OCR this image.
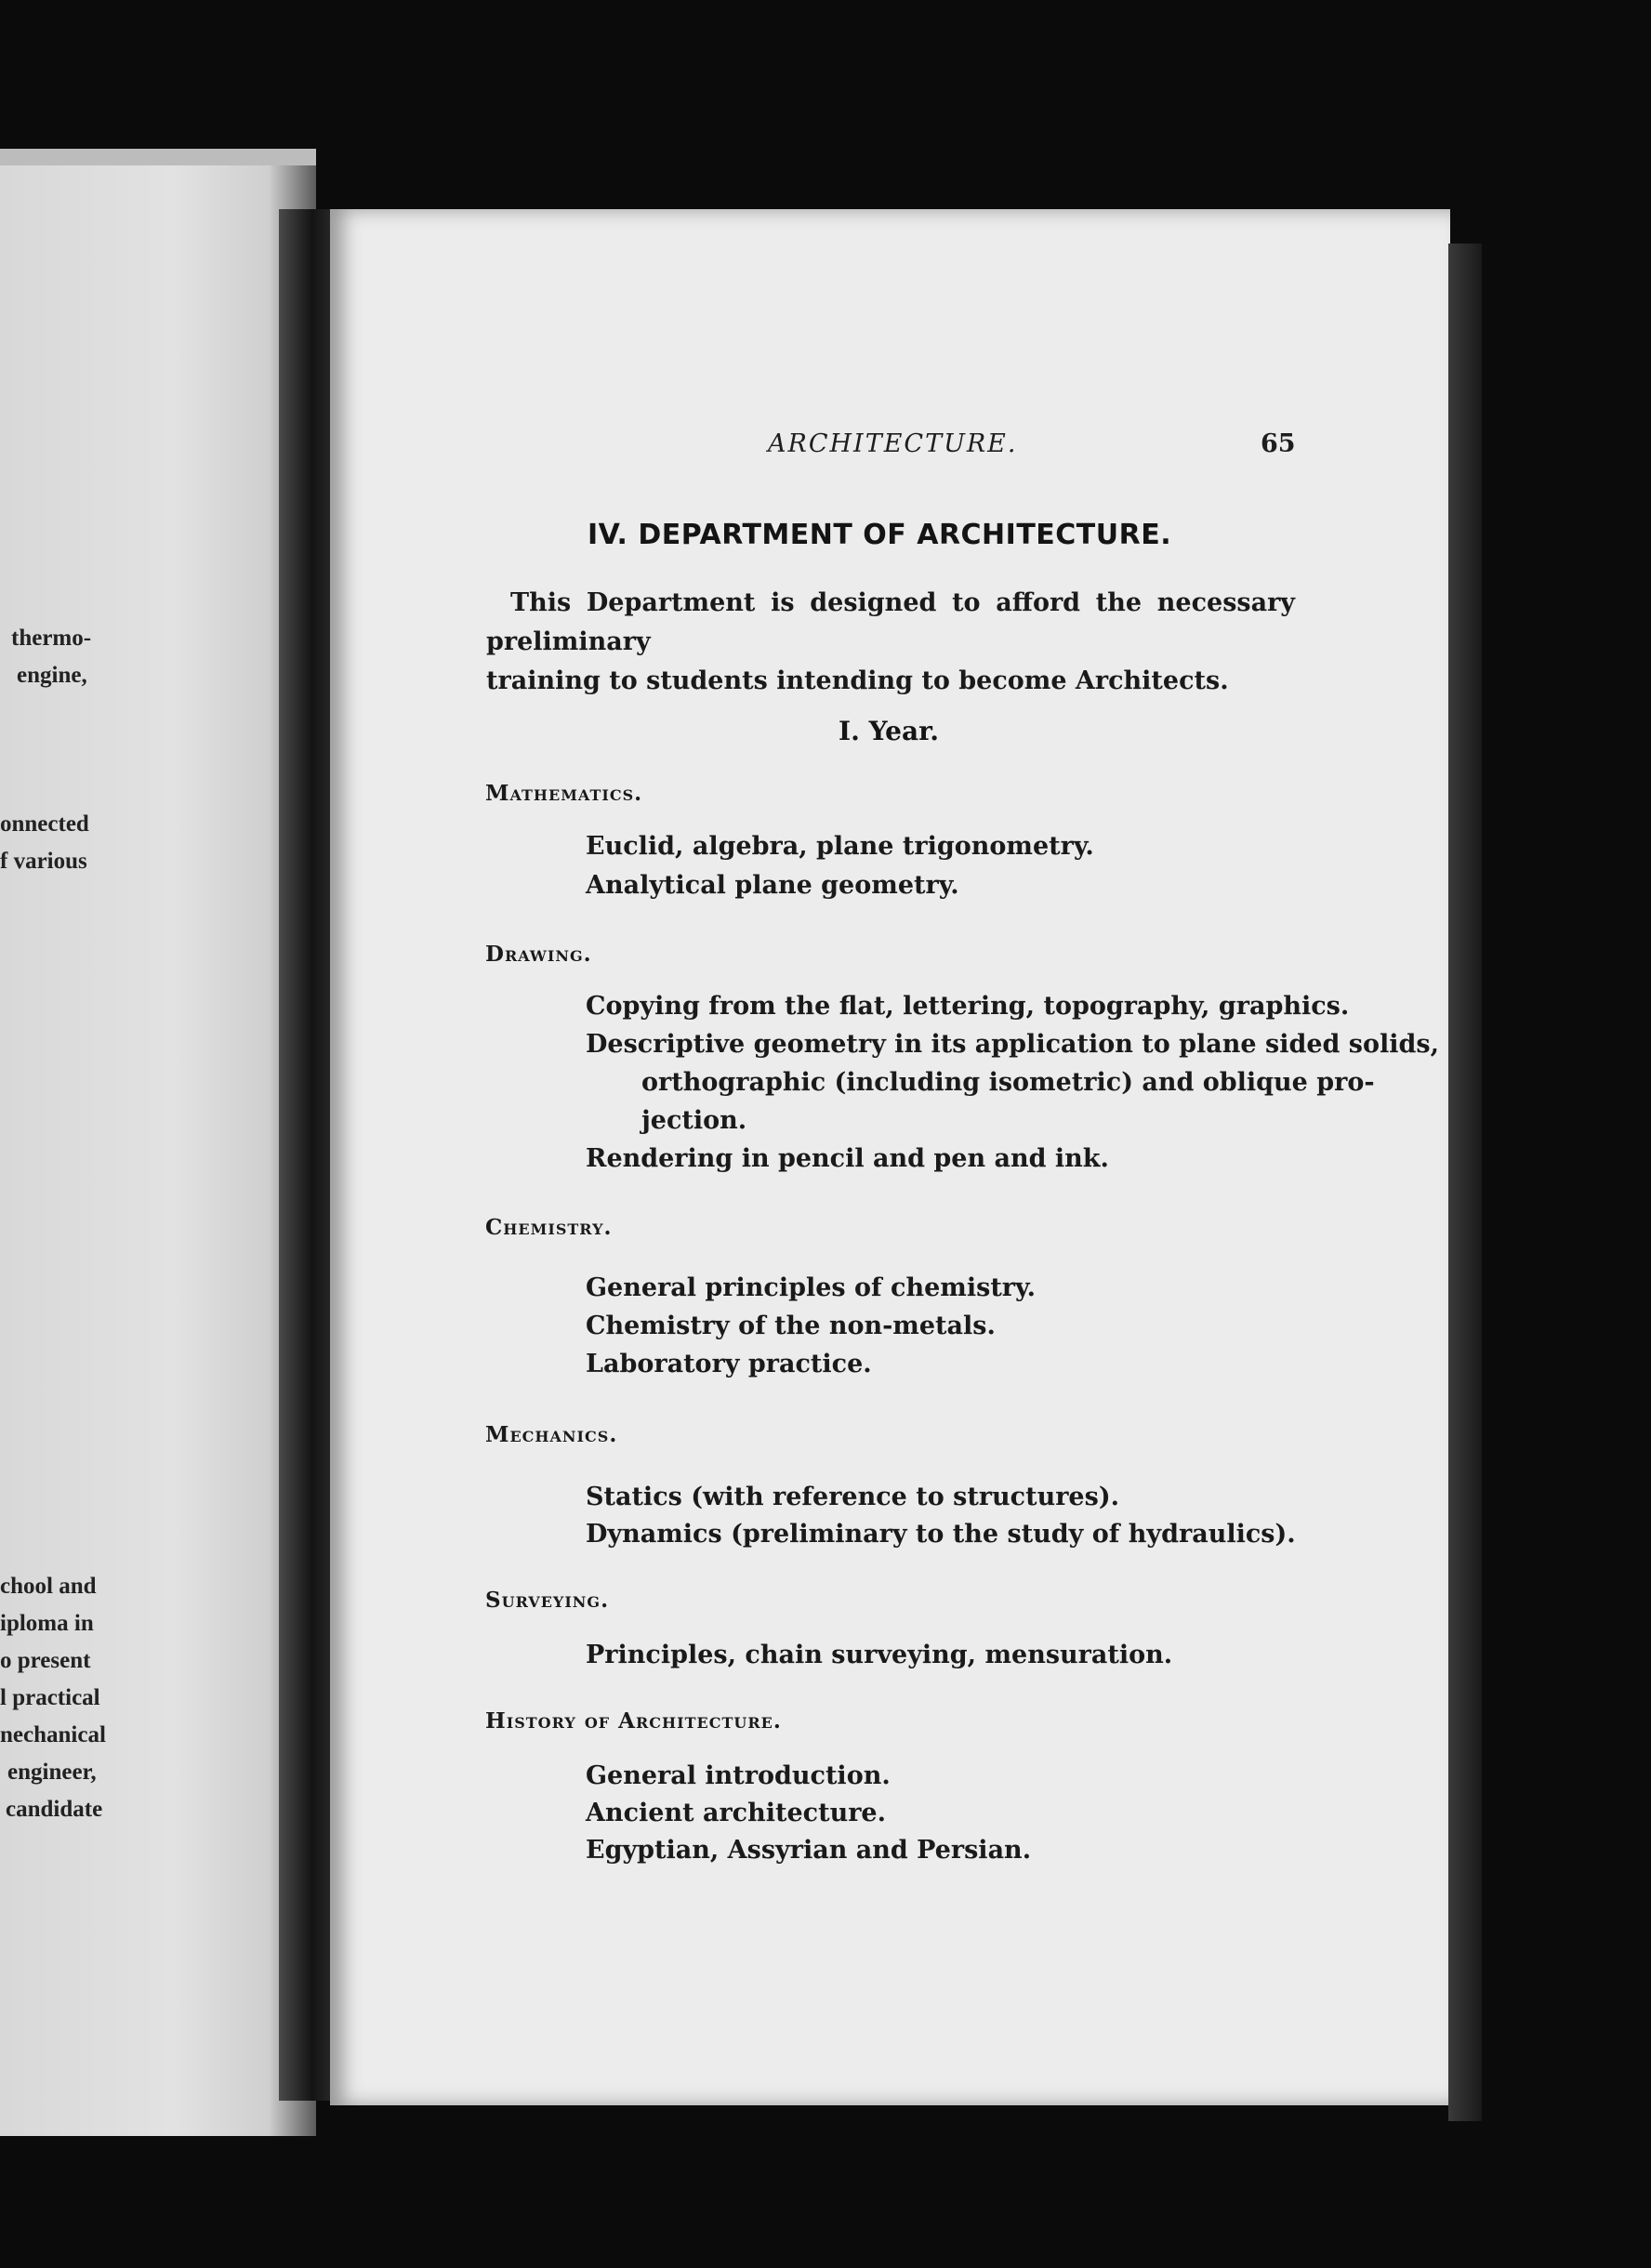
thermo-
engine,
onnected
f various
chool and
iploma in
o present
l practical
nechanical
engineer,
candidate
ARCHITECTURE.	65
IV. DEPARTMENT OF ARCHITECTURE.
This Department is designed to afford the necessary preliminary
training to students intending to become Architects.
I. Year.
Mathematics.
Euclid, algebra, plane trigonometry.
Analytical plane geometry.
Drawing.
Copying from the flat, lettering, topography, graphics.
Descriptive geometry in its application to plane sided solids,
orthographic (including isometric) and oblique pro-
jection.
Rendering in pencil and pen and ink.
Chemistry.
General principles of chemistry.
Chemistry of the non-metals.
Laboratory practice.
Mechanics.
Statics (with reference to structures).
Dynamics (preliminary to the study of hydraulics).
Surveying.
Principles, chain surveying, mensuration.
History of Architecture.
General introduction.
Ancient architecture.
Egyptian, Assyrian and Persian.
